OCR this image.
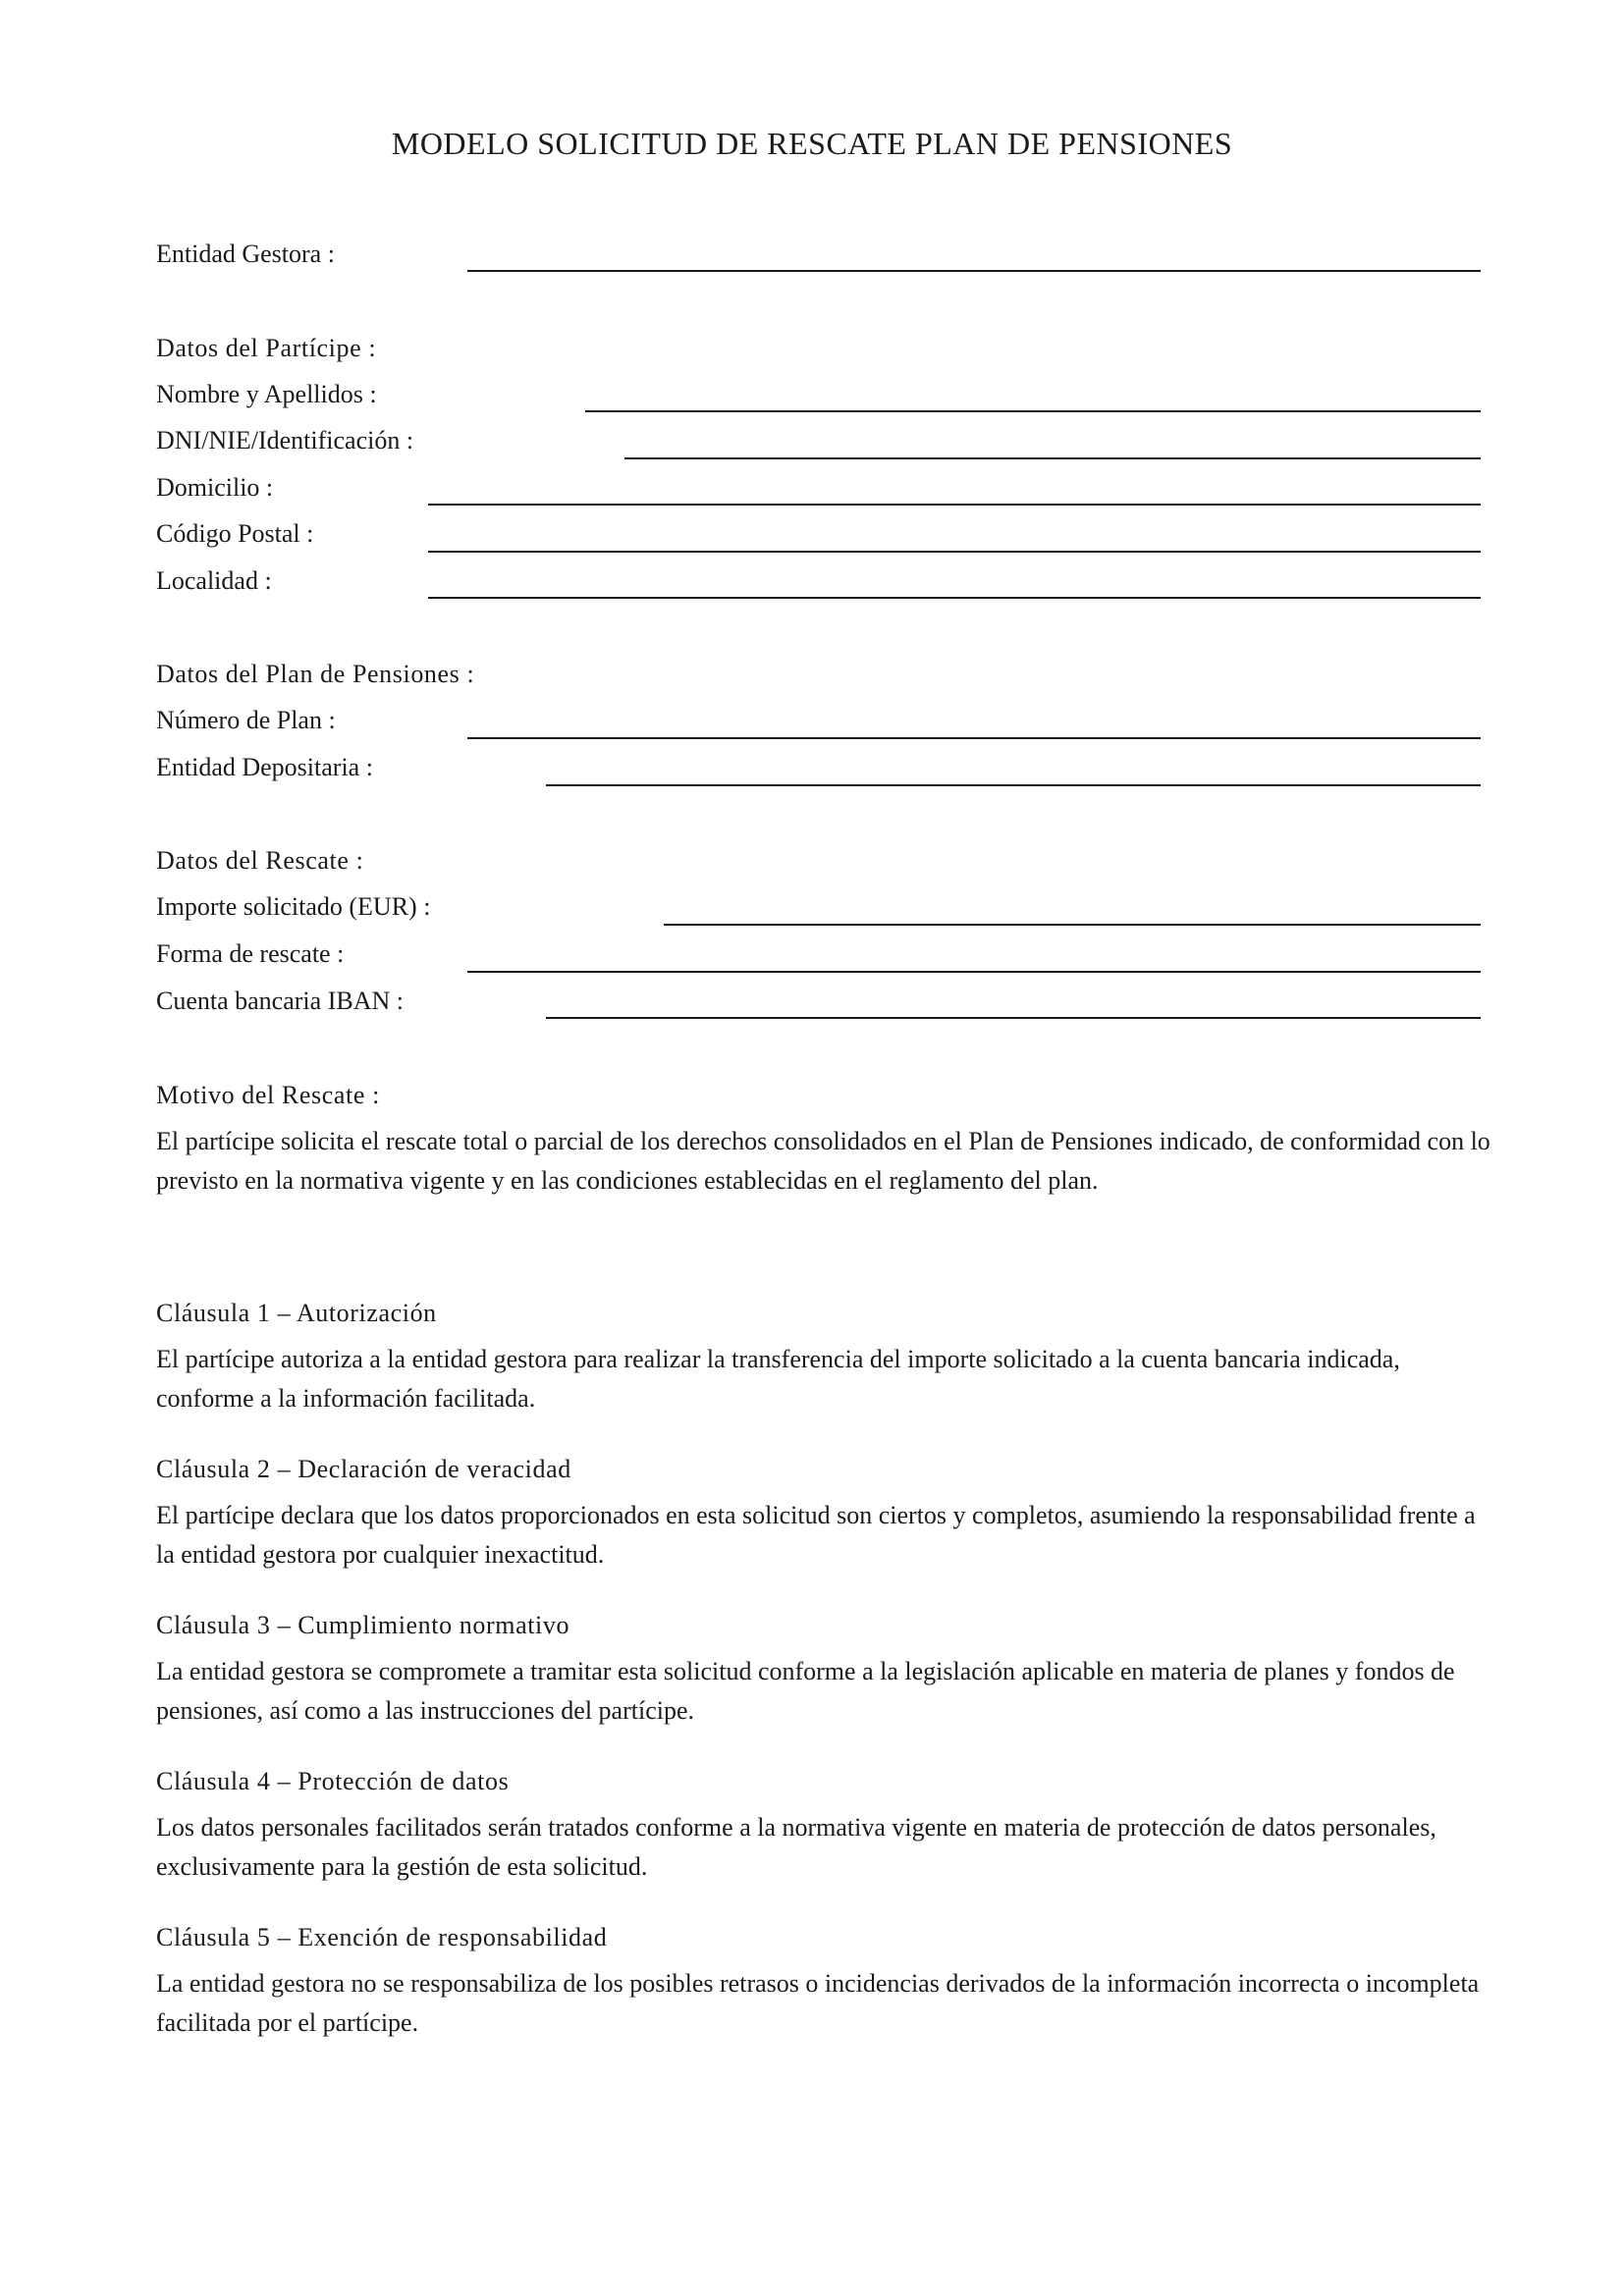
MODELO SOLICITUD DE RESCATE PLAN DE PENSIONES
Entidad Gestora :
Datos del Partícipe :
Nombre y Apellidos :
DNI/NIE/Identificación :
Domicilio :
Código Postal :
Localidad :
Datos del Plan de Pensiones :
Número de Plan :
Entidad Depositaria :
Datos del Rescate :
Importe solicitado (EUR) :
Forma de rescate :
Cuenta bancaria IBAN :
Motivo del Rescate :
El partícipe solicita el rescate total o parcial de los derechos consolidados en el Plan de Pensiones indicado, de conformidad con lo previsto en la normativa vigente y en las condiciones establecidas en el reglamento del plan.
Cláusula 1 – Autorización
El partícipe autoriza a la entidad gestora para realizar la transferencia del importe solicitado a la cuenta bancaria indicada, conforme a la información facilitada.
Cláusula 2 – Declaración de veracidad
El partícipe declara que los datos proporcionados en esta solicitud son ciertos y completos, asumiendo la responsabilidad frente a la entidad gestora por cualquier inexactitud.
Cláusula 3 – Cumplimiento normativo
La entidad gestora se compromete a tramitar esta solicitud conforme a la legislación aplicable en materia de planes y fondos de pensiones, así como a las instrucciones del partícipe.
Cláusula 4 – Protección de datos
Los datos personales facilitados serán tratados conforme a la normativa vigente en materia de protección de datos personales, exclusivamente para la gestión de esta solicitud.
Cláusula 5 – Exención de responsabilidad
La entidad gestora no se responsabiliza de los posibles retrasos o incidencias derivados de la información incorrecta o incompleta facilitada por el partícipe.
